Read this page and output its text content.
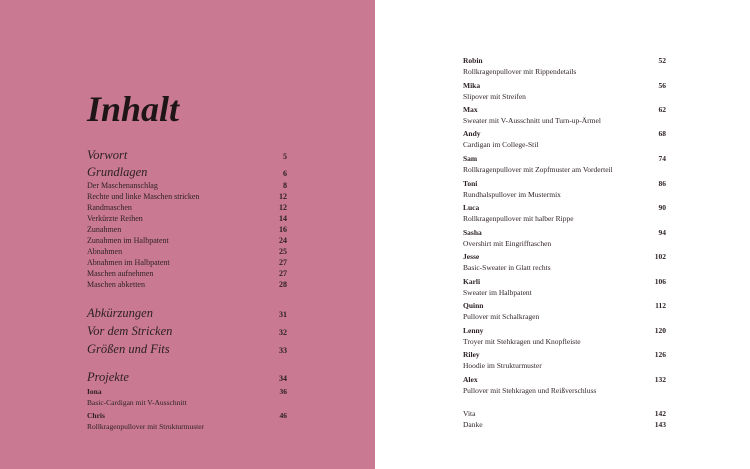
Inhalt
Vorwort	5
Grundlagen	6
Der Maschenanschlag	8
Rechte und linke Maschen stricken	12
Randmaschen	12
Verkürzte Reihen	14
Zunahmen	16
Zunahmen im Halbpatent	24
Abnahmen	25
Abnahmen im Halbpatent	27
Maschen aufnehmen	27
Maschen abketten	28
Abkürzungen	31
Vor dem Stricken	32
Größen und Fits	33
Projekte	34
Iona	36
Basic-Cardigan mit V-Ausschnitt
Chris	46
Rollkragenpullover mit Strukturmuster
Robin	52
Rollkragenpullover mit Rippendetails
Mika	56
Slipover mit Streifen
Max	62
Sweater mit V-Ausschnitt und Turn-up-Ärmel
Andy	68
Cardigan im College-Stil
Sam	74
Rollkragenpullover mit Zopfmuster am Vorderteil
Toni	86
Rundhalspullover im Mustermix
Luca	90
Rollkragenpullover mit halber Rippe
Sasha	94
Overshirt mit Eingrifftaschen
Jesse	102
Basic-Sweater in Glatt rechts
Karli	106
Sweater im Halbpatent
Quinn	112
Pullover mit Schalkragen
Lenny	120
Troyer mit Stehkragen und Knopfleiste
Riley	126
Hoodie im Strukturmuster
Alex	132
Pullover mit Stehkragen und Reißverschluss
Vita	142
Danke	143
